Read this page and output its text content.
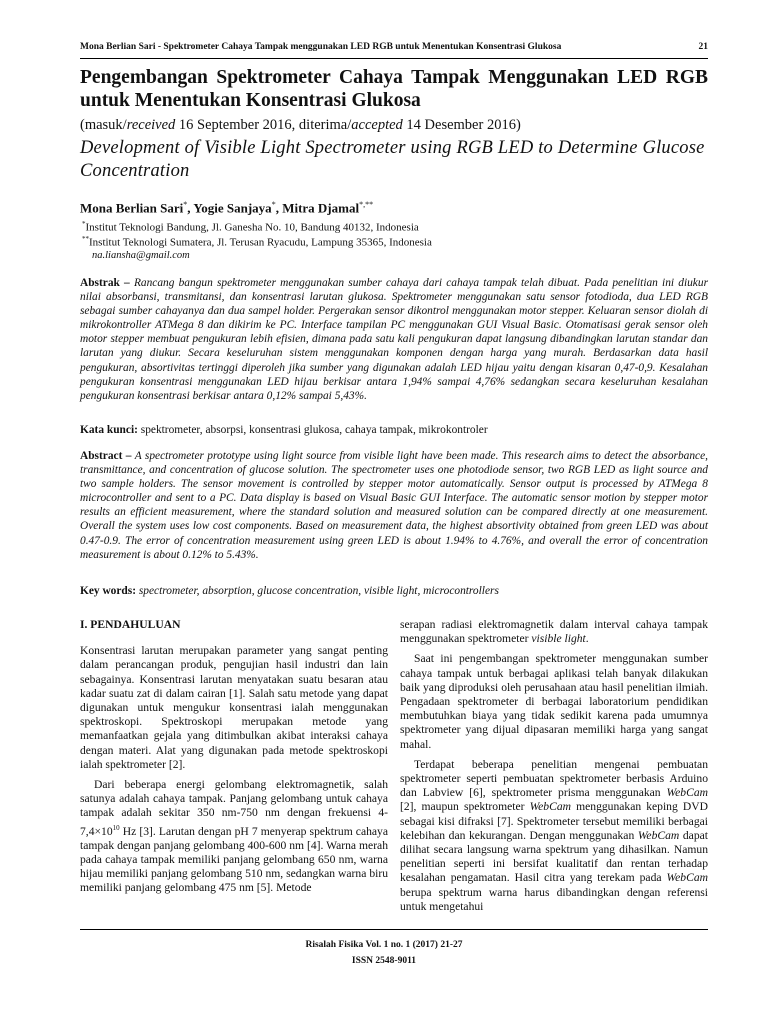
Mona Berlian Sari - Spektrometer Cahaya Tampak menggunakan LED RGB untuk Menentukan Konsentrasi Glukosa	21
Pengembangan Spektrometer Cahaya Tampak Menggunakan LED RGB untuk Menentukan Konsentrasi Glukosa
(masuk/received 16 September 2016, diterima/accepted 14 Desember 2016)
Development of Visible Light Spectrometer using RGB LED to Determine Glucose Concentration
Mona Berlian Sari*, Yogie Sanjaya*, Mitra Djamal*,**
*Institut Teknologi Bandung, Jl. Ganesha No. 10, Bandung 40132, Indonesia
**Institut Teknologi Sumatera, Jl. Terusan Ryacudu, Lampung 35365, Indonesia
na.liansha@gmail.com
Abstrak – Rancang bangun spektrometer menggunakan sumber cahaya dari cahaya tampak telah dibuat. Pada penelitian ini diukur nilai absorbansi, transmitansi, dan konsentrasi larutan glukosa. Spektrometer menggunakan satu sensor fotodioda, dua LED RGB sebagai sumber cahayanya dan dua sampel holder. Pergerakan sensor dikontrol menggunakan motor stepper. Keluaran sensor diolah di mikrokontroller ATMega 8 dan dikirim ke PC. Interface tampilan PC menggunakan GUI Visual Basic. Otomatisasi gerak sensor oleh motor stepper membuat pengukuran lebih efisien, dimana pada satu kali pengukuran dapat langsung dibandingkan larutan standar dan larutan yang diukur. Secara keseluruhan sistem menggunakan komponen dengan harga yang murah. Berdasarkan data hasil pengukuran, absortivitas tertinggi diperoleh jika sumber yang digunakan adalah LED hijau yaitu dengan kisaran 0,47-0,9. Kesalahan pengukuran konsentrasi menggunakan LED hijau berkisar antara 1,94% sampai 4,76% sedangkan secara keseluruhan kesalahan pengukuran konsentrasi berkisar antara 0,12% sampai 5,43%.
Kata kunci: spektrometer, absorpsi, konsentrasi glukosa, cahaya tampak, mikrokontroler
Abstract – A spectrometer prototype using light source from visible light have been made. This research aims to detect the absorbance, transmittance, and concentration of glucose solution. The spectrometer uses one photodiode sensor, two RGB LED as light source and two sample holders. The sensor movement is controlled by stepper motor automatically. Sensor output is processed by ATMega 8 microcontroller and sent to a PC. Data display is based on Visual Basic GUI Interface. The automatic sensor motion by stepper motor results an efficient measurement, where the standard solution and measured solution can be compared directly at one measurement. Overall the system uses low cost components. Based on measurement data, the highest absortivity obtained from green LED was about 0.47-0.9. The error of concentration measurement using green LED is about 1.94% to 4.76%, and overall the error of concentration measurement is about 0.12% to 5.43%.
Key words: spectrometer, absorption, glucose concentration, visible light, microcontrollers
I. PENDAHULUAN

Konsentrasi larutan merupakan parameter yang sangat penting dalam perancangan produk, pengujian hasil industri dan lain sebagainya. Konsentrasi larutan menyatakan suatu besaran atau kadar suatu zat di dalam cairan [1]. Salah satu metode yang dapat digunakan untuk mengukur konsentrasi ialah menggunakan spektroskopi. Spektroskopi merupakan metode yang memanfaatkan gejala yang ditimbulkan akibat interaksi cahaya dengan materi. Alat yang digunakan pada metode spektroskopi ialah spektrometer [2].

Dari beberapa energi gelombang elektromagnetik, salah satunya adalah cahaya tampak. Panjang gelombang untuk cahaya tampak adalah sekitar 350 nm-750 nm dengan frekuensi $4-7,4\times 10^{10}$ Hz [3]. Larutan dengan pH 7 menyerap spektrum cahaya tampak dengan panjang gelombang 400-600 nm [4]. Warna merah pada cahaya tampak memiliki panjang gelombang 650 nm, warna hijau memiliki panjang gelombang 510 nm, sedangkan warna biru memiliki panjang gelombang 475 nm [5]. Metode

serapan radiasi elektromagnetik dalam interval cahaya tampak menggunakan spektrometer visible light.

Saat ini pengembangan spektrometer menggunakan sumber cahaya tampak untuk berbagai aplikasi telah banyak dilakukan baik yang diproduksi oleh perusahaan atau hasil penelitian ilmiah. Pengadaan spektrometer di berbagai laboratorium pendidikan membutuhkan biaya yang tidak sedikit karena pada umumnya spektrometer yang dijual dipasaran memiliki harga yang sangat mahal.

Terdapat beberapa penelitian mengenai pembuatan spektrometer seperti pembuatan spektrometer berbasis Arduino dan Labview [6], spektrometer prisma menggunakan WebCam [2], maupun spektrometer WebCam menggunakan keping DVD sebagai kisi difraksi [7]. Spektrometer tersebut memiliki berbagai kelebihan dan kekurangan. Dengan menggunakan WebCam dapat dilihat secara langsung warna spektrum yang dihasilkan. Namun penelitian seperti ini bersifat kualitatif dan rentan terhadap kesalahan pengamatan. Hasil citra yang terekam pada WebCam berupa spektrum warna harus dibandingkan dengan referensi untuk mengetahui

Risalah Fisika Vol. 1 no. 1 (2017) 21-27
ISSN 2548-9011
